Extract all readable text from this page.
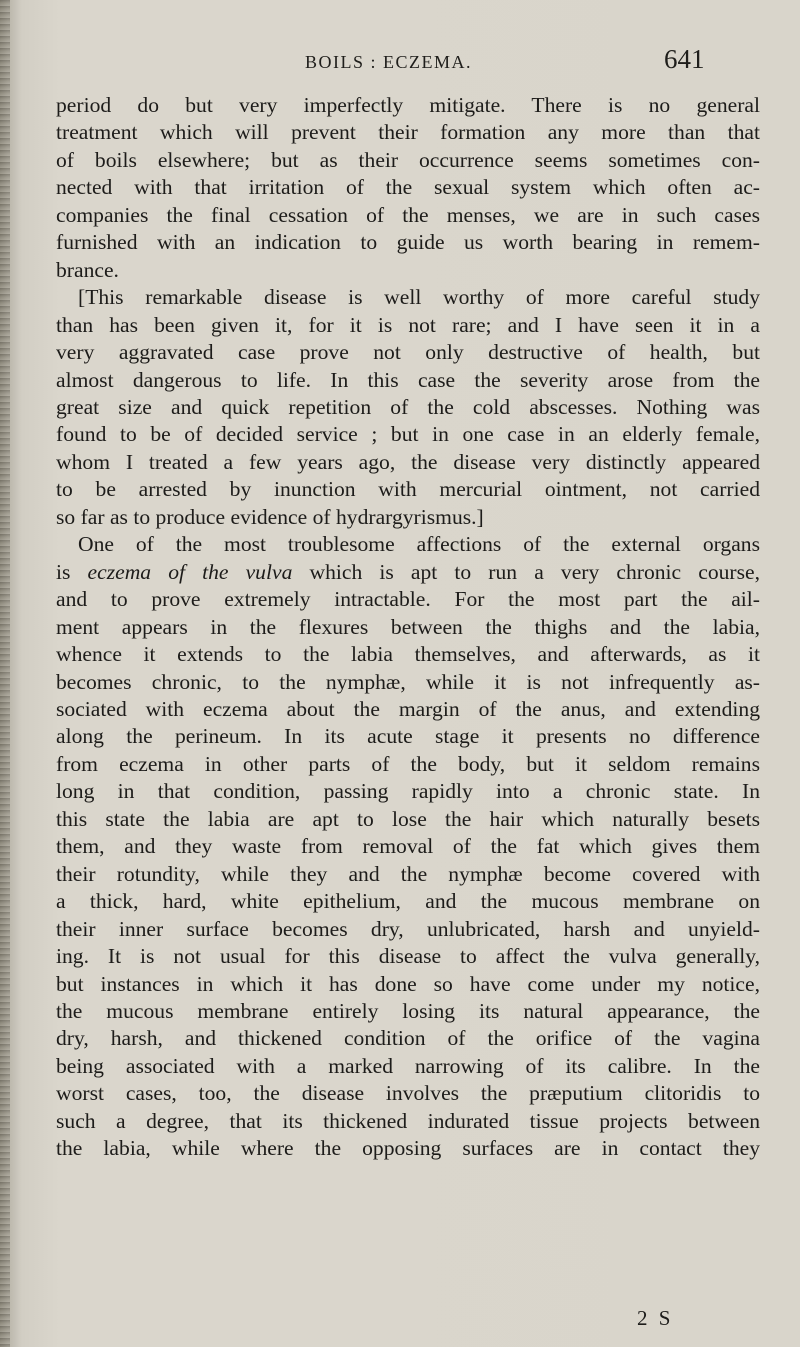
BOILS : ECZEMA.	641
period do but very imperfectly mitigate. There is no general
treatment which will prevent their formation any more than that
of boils elsewhere; but as their occurrence seems sometimes con-
nected with that irritation of the sexual system which often ac-
companies the final cessation of the menses, we are in such cases
furnished with an indication to guide us worth bearing in remem-
brance.
[This remarkable disease is well worthy of more careful study
than has been given it, for it is not rare; and I have seen it in a
very aggravated case prove not only destructive of health, but
almost dangerous to life. In this case the severity arose from the
great size and quick repetition of the cold abscesses. Nothing was
found to be of decided service ; but in one case in an elderly female,
whom I treated a few years ago, the disease very distinctly appeared
to be arrested by inunction with mercurial ointment, not carried
so far as to produce evidence of hydrargyrismus.]
One of the most troublesome affections of the external organs
is eczema of the vulva which is apt to run a very chronic course,
and to prove extremely intractable. For the most part the ail-
ment appears in the flexures between the thighs and the labia,
whence it extends to the labia themselves, and afterwards, as it
becomes chronic, to the nymphæ, while it is not infrequently as-
sociated with eczema about the margin of the anus, and extending
along the perineum. In its acute stage it presents no difference
from eczema in other parts of the body, but it seldom remains
long in that condition, passing rapidly into a chronic state. In
this state the labia are apt to lose the hair which naturally besets
them, and they waste from removal of the fat which gives them
their rotundity, while they and the nymphæ become covered with
a thick, hard, white epithelium, and the mucous membrane on
their inner surface becomes dry, unlubricated, harsh and unyield-
ing. It is not usual for this disease to affect the vulva generally,
but instances in which it has done so have come under my notice,
the mucous membrane entirely losing its natural appearance, the
dry, harsh, and thickened condition of the orifice of the vagina
being associated with a marked narrowing of its calibre. In the
worst cases, too, the disease involves the præputium clitoridis to
such a degree, that its thickened indurated tissue projects between
the labia, while where the opposing surfaces are in contact they
2 S
